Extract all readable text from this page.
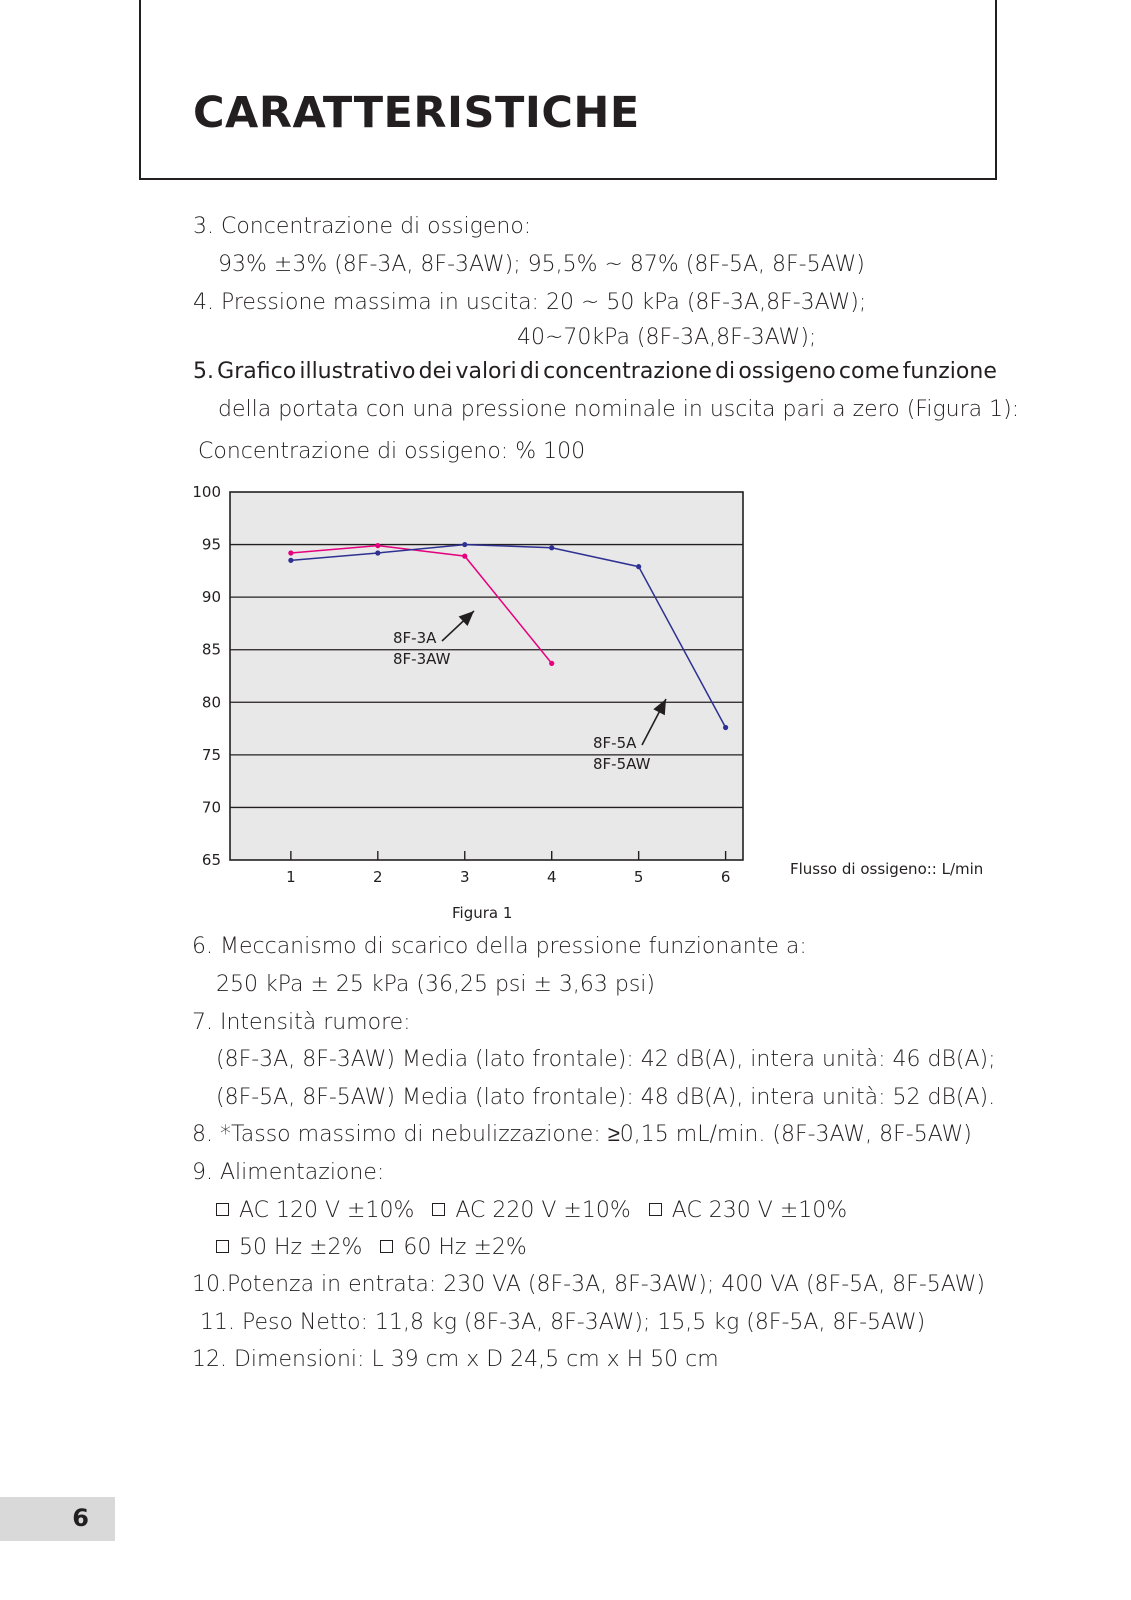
CARATTERISTICHE

3. Concentrazione di ossigeno:

93% ±3% (8F-3A, 8F-3AW); 95,5% ~ 87% (8F-5A, 8F-5AW)

4. Pressione massima in uscita: 20 ~ 50 kPa (8F-3A,8F-3AW);

40~70kPa (8F-3A,8F-3AW);

5. Grafico illustrativo dei valori di concentrazione di ossigeno come funzione

della portata con una pressione nominale in uscita pari a zero (Figura 1):

Concentrazione di ossigeno: % 100

65
70
75
80
85
90
95
100
1	2	3	4	5	6
8F-3A
8F-3AW
8F-5A
8F-5AW

Flusso di ossigeno:: L/min

Figura 1

6. Meccanismo di scarico della pressione funzionante a:

250 kPa ± 25 kPa (36,25 psi ± 3,63 psi)

7. Intensità rumore:

(8F-3A, 8F-3AW) Media (lato frontale): 42 dB(A), intera unità: 46 dB(A);

(8F-5A, 8F-5AW) Media (lato frontale): 48 dB(A), intera unità: 52 dB(A).

8. *Tasso massimo di nebulizzazione: ≥0,15 mL/min. (8F-3AW, 8F-5AW)

9. Alimentazione:

AC 120 V ±10% AC 220 V ±10% AC 230 V ±10%

50 Hz ±2% 60 Hz ±2%

10.Potenza in entrata: 230 VA (8F-3A, 8F-3AW); 400 VA (8F-5A, 8F-5AW)

11. Peso Netto: 11,8 kg (8F-3A, 8F-3AW); 15,5 kg (8F-5A, 8F-5AW)

12. Dimensioni: L 39 cm x D 24,5 cm x H 50 cm

6
